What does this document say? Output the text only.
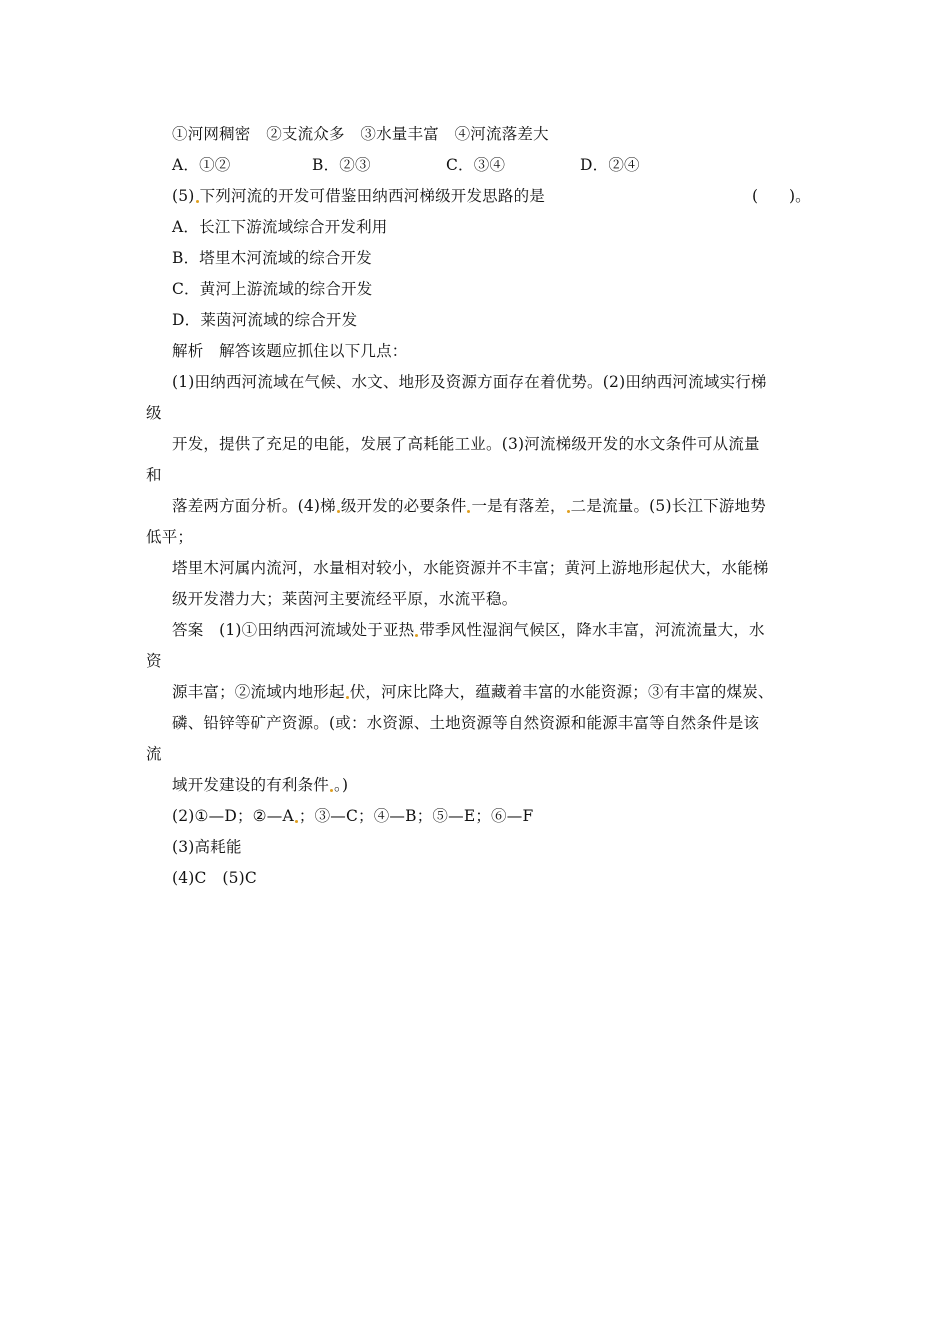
①河网稠密　②支流众多　③水量丰富　④河流落差大
A．①②	B．②③	C．③④	D．②④
(5) 下列河流的开发可借鉴田纳西河梯级开发思路的是	(　　)。
A．长江下游流域综合开发利用
B．塔里木河流域的综合开发
C．黄河上游流域的综合开发
D．莱茵河流域的综合开发
解析　解答该题应抓住以下几点：
(1)田纳西河流域在气候、水文、地形及资源方面存在着优势。(2)田纳西河流域实行梯
级
开发，提供了充足的电能，发展了高耗能工业。(3)河流梯级开发的水文条件可从流量
和
落差两方面分析。(4)梯 级开发的必要条件 一是有落差， 二是流量。(5)长江下游地势
低平；
塔里木河属内流河，水量相对较小，水能资源并不丰富；黄河上游地形起伏大，水能梯
级开发潜力大；莱茵河主要流经平原，水流平稳。
答案　(1)①田纳西河流域处于亚热 带季风性湿润气候区，降水丰富，河流流量大，水
资
源丰富；②流域内地形起 伏，河床比降大，蕴藏着丰富的水能资源；③有丰富的煤炭、
磷、铅锌等矿产资源。(或：水资源、土地资源等自然资源和能源丰富等自然条件是该
流
域开发建设的有利条件 。)
(2)①—D；②—A ；③—C；④—B；⑤—E；⑥—F
(3)高耗能
(4)C　(5)C
